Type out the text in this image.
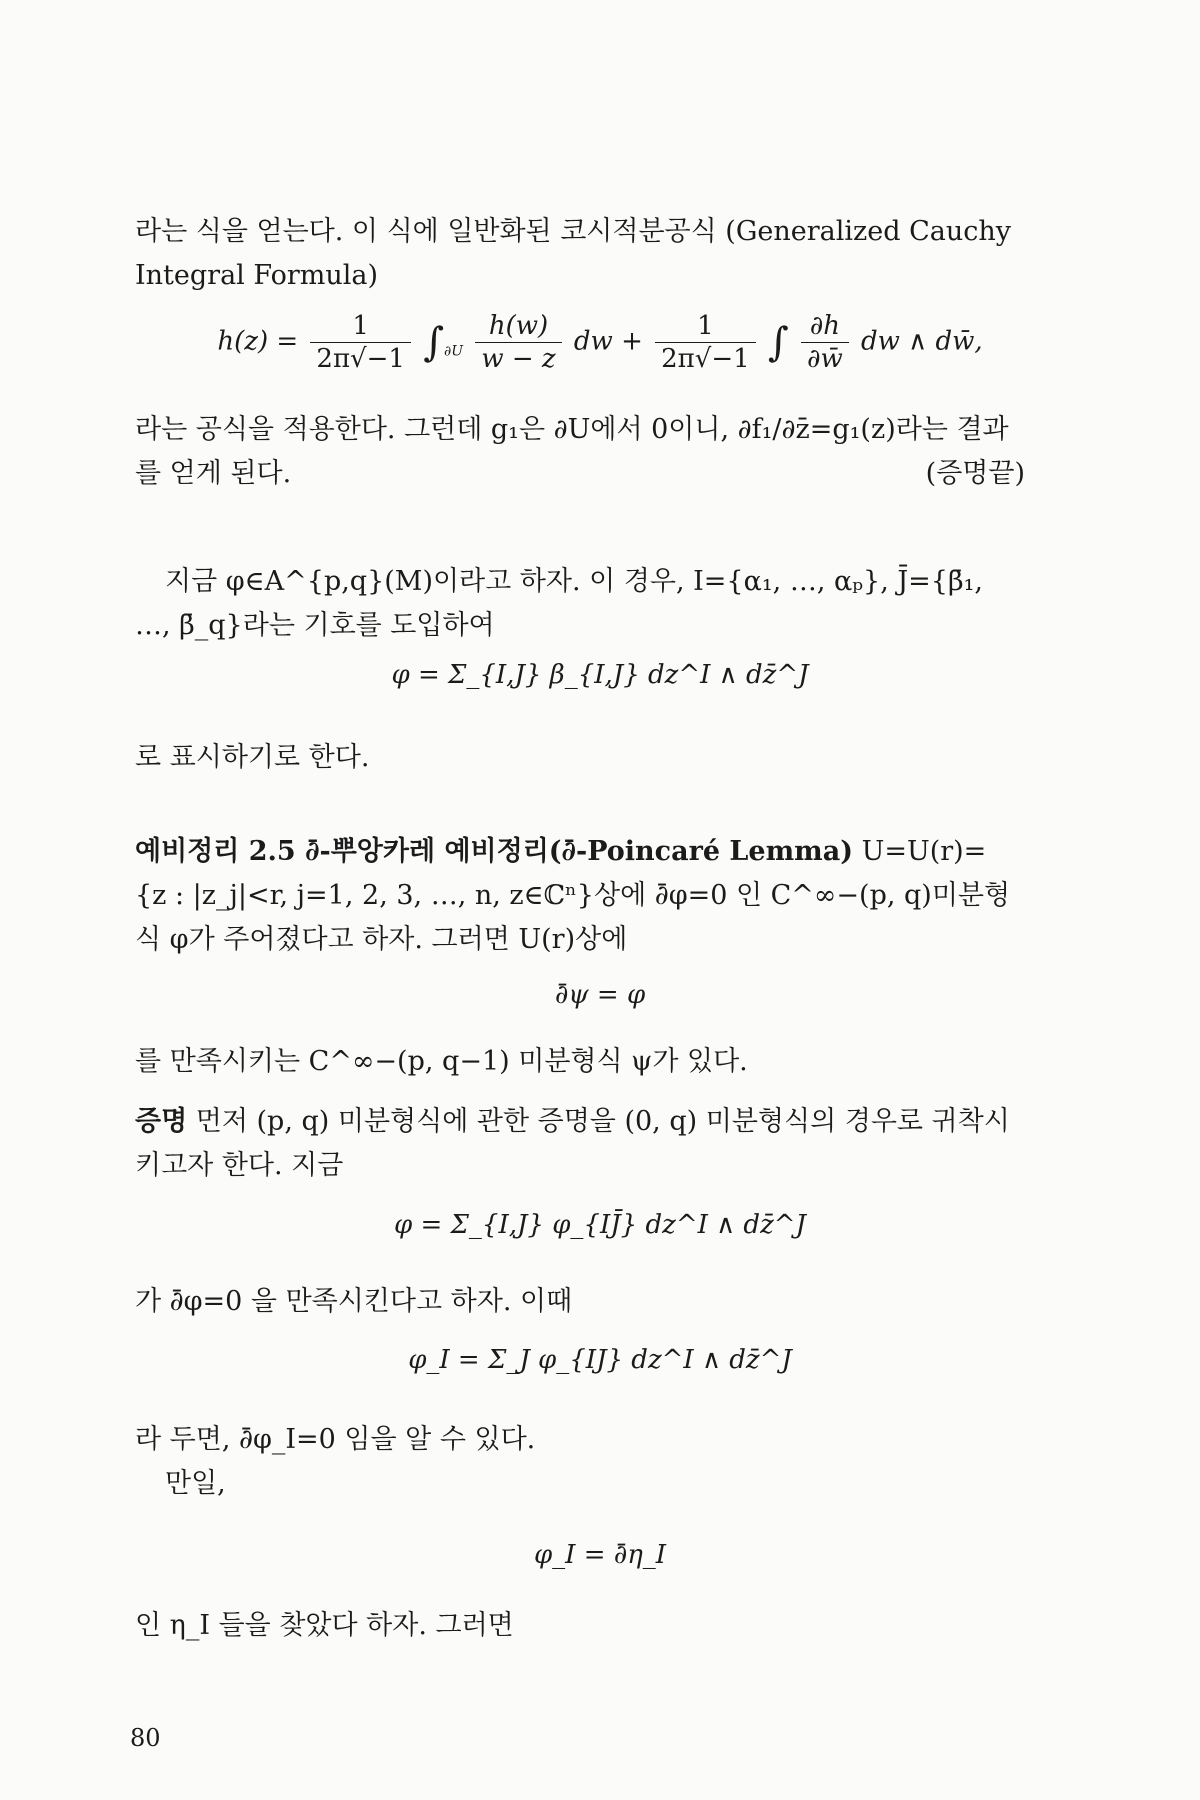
라는 식을 얻는다. 이 식에 일반화된 코시적분공식 (Generalized Cauchy Integral Formula)
$h(z) = \frac{1}{2\pi√-1} \int_{\partial U} \frac{h(w)}{w - z}$ dw + $\frac{1}{2\pi√-1}$ ∫ $\frac{\partial h}{\partial w̄}$ dw ∧ dw̄,
라는 공식을 적용한다. 그런데 g₁은 ∂U에서 0이니, ∂f₁/∂z̄=g₁(z)라는 결과를 얻게 된다.	(증명끝)
지금 φ∈A^{p,q}(M)이라고 하자. 이 경우, I={α₁, …, αₚ}, J̄={β̄₁, …, β̄_q}라는 기호를 도입하여
φ = Σ_{I,J} β_{I,J} dz^I ∧ dz̄^J
로 표시하기로 한다.
예비정리 2.5 ∂̄-뿌앙카레 예비정리(∂̄-Poincaré Lemma) U=U(r)= {z : |z_j|<r, j=1, 2, 3, …, n, z∈ℂⁿ}상에 ∂̄φ=0 인 C^∞−(p, q)미분형식 φ가 주어졌다고 하자. 그러면 U(r)상에
∂̄ψ = φ
를 만족시키는 C^∞−(p, q−1) 미분형식 ψ가 있다.
증명 먼저 (p, q) 미분형식에 관한 증명을 (0, q) 미분형식의 경우로 귀착시키고자 한다. 지금
φ = Σ_{I,J} φ_{IJ̄} dz^I ∧ dz̄^J
가 ∂̄φ=0 을 만족시킨다고 하자. 이때
φ_I = Σ_J φ_{IJ} dz^I ∧ dz̄^J
라 두면, ∂̄φ_I=0 임을 알 수 있다.
만일,
φ_I = ∂̄η_I
인 η_I 들을 찾았다 하자. 그러면
80
